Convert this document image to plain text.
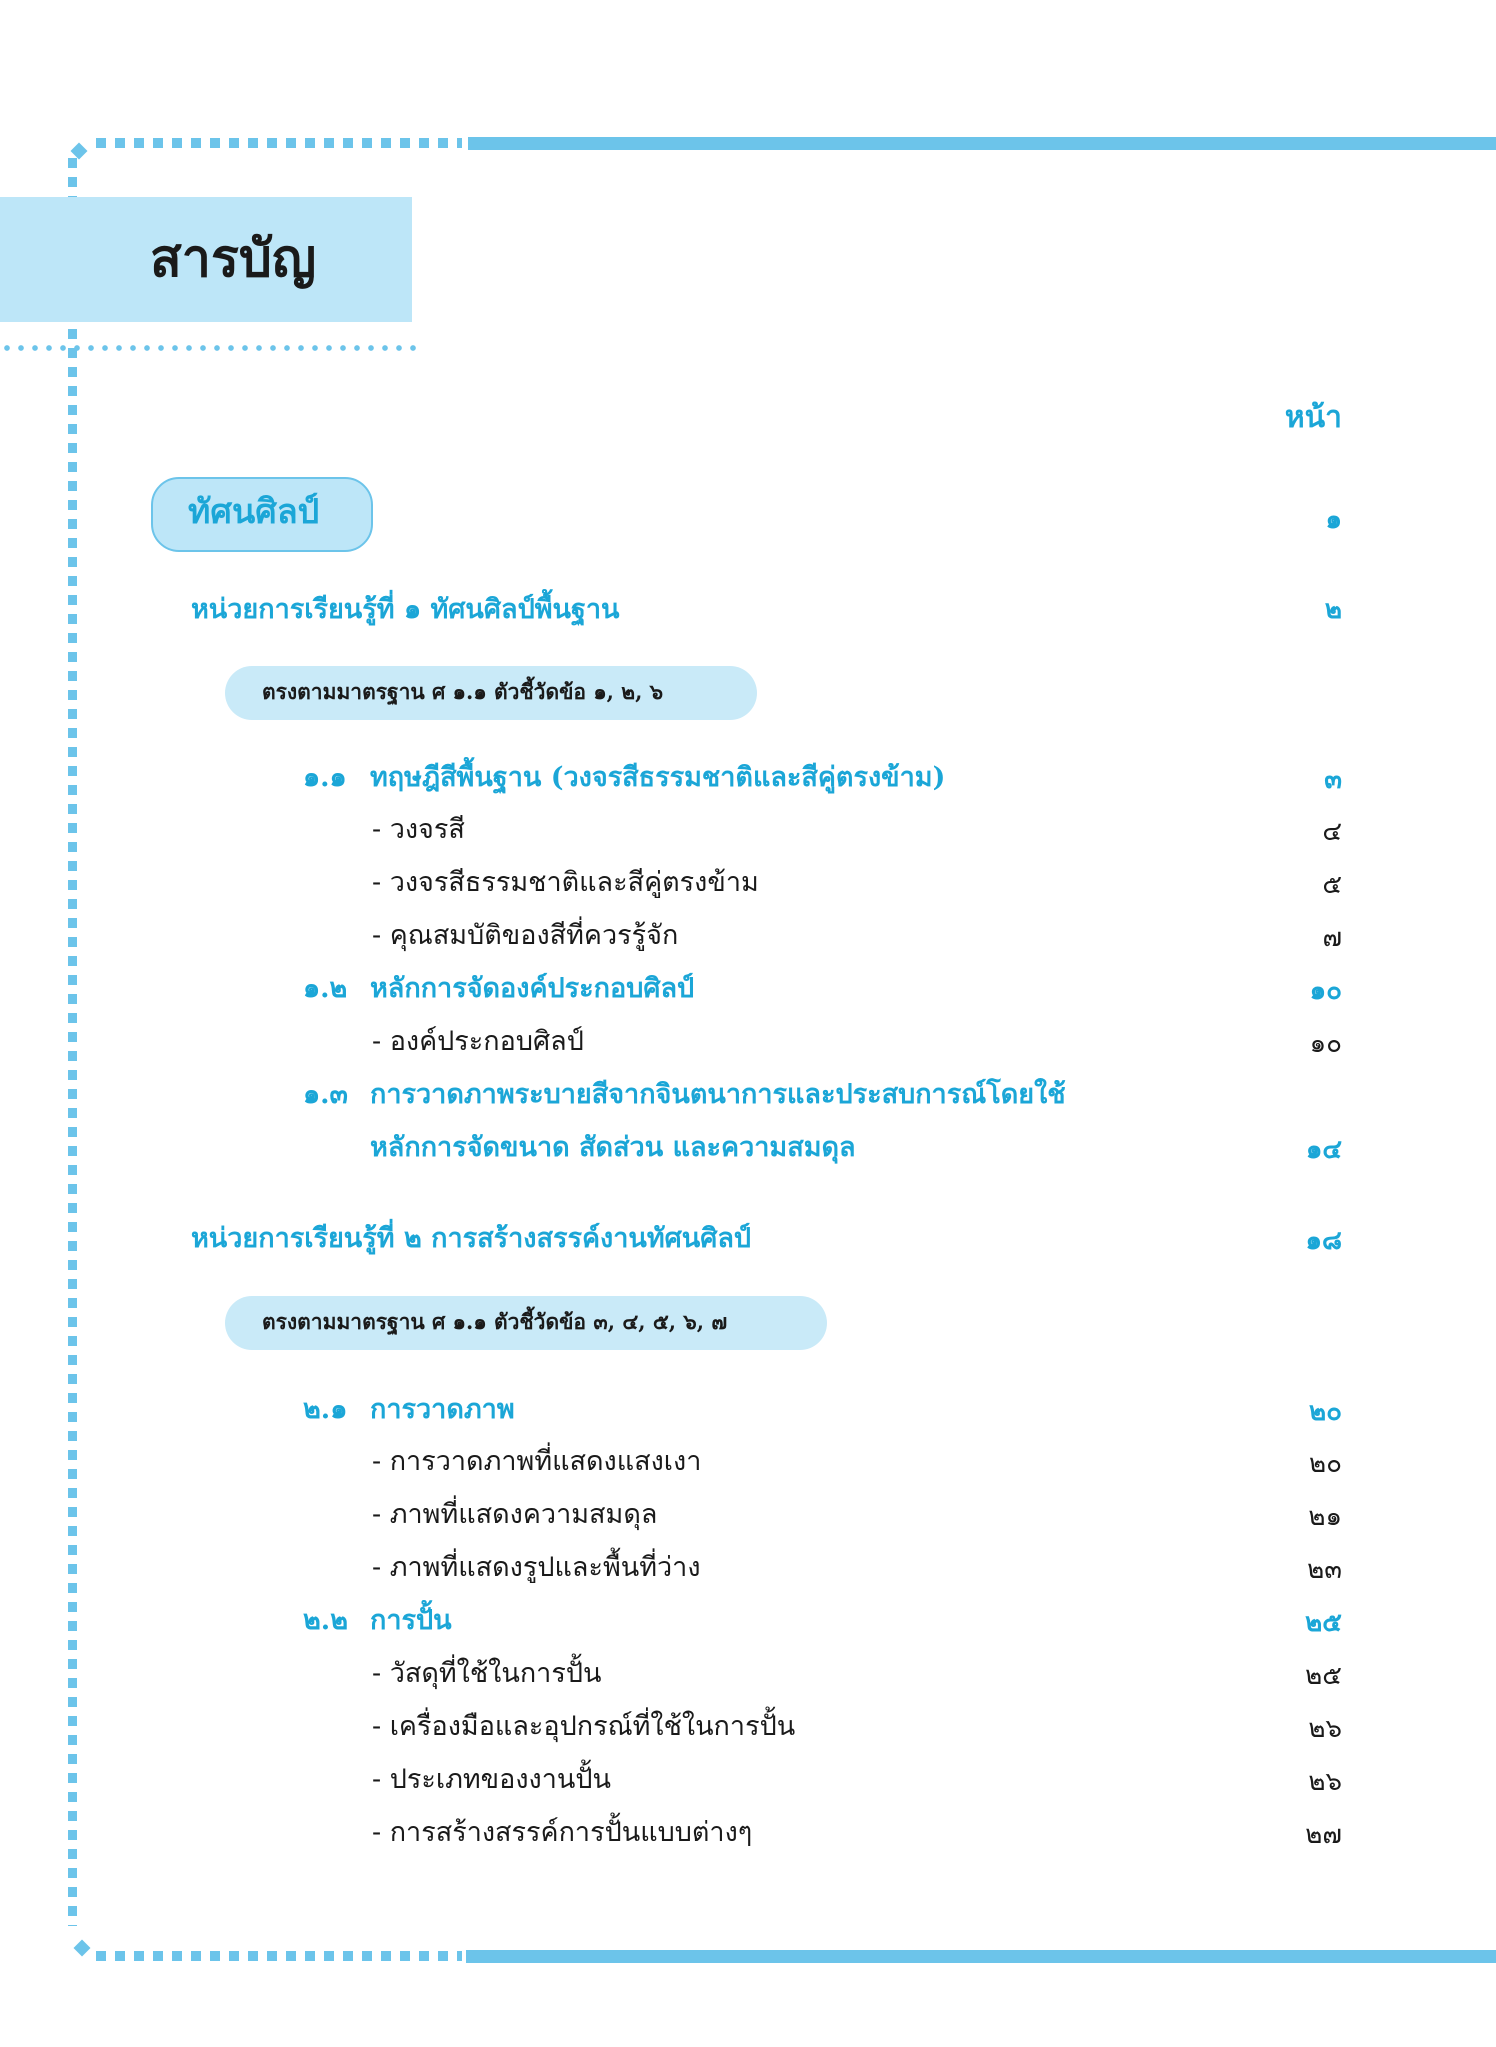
สารบัญ
หน้า
ทัศนศิลป์	๑
หน่วยการเรียนรู้ที่ ๑ ทัศนศิลป์พื้นฐาน	๒
ตรงตามมาตรฐาน ศ ๑.๑ ตัวชี้วัดข้อ ๑, ๒, ๖
๑.๑ ทฤษฎีสีพื้นฐาน (วงจรสีธรรมชาติและสีคู่ตรงข้าม)	๓
- วงจรสี	๔
- วงจรสีธรรมชาติและสีคู่ตรงข้าม	๕
- คุณสมบัติของสีที่ควรรู้จัก	๗
๑.๒ หลักการจัดองค์ประกอบศิลป์	๑๐
- องค์ประกอบศิลป์	๑๐
๑.๓ การวาดภาพระบายสีจากจินตนาการและประสบการณ์โดยใช้
หลักการจัดขนาด สัดส่วน และความสมดุล	๑๔
หน่วยการเรียนรู้ที่ ๒ การสร้างสรรค์งานทัศนศิลป์	๑๘
ตรงตามมาตรฐาน ศ ๑.๑ ตัวชี้วัดข้อ ๓, ๔, ๕, ๖, ๗
๒.๑ การวาดภาพ	๒๐
- การวาดภาพที่แสดงแสงเงา	๒๐
- ภาพที่แสดงความสมดุล	๒๑
- ภาพที่แสดงรูปและพื้นที่ว่าง	๒๓
๒.๒ การปั้น	๒๕
- วัสดุที่ใช้ในการปั้น	๒๕
- เครื่องมือและอุปกรณ์ที่ใช้ในการปั้น	๒๖
- ประเภทของงานปั้น	๒๖
- การสร้างสรรค์การปั้นแบบต่างๆ	๒๗
